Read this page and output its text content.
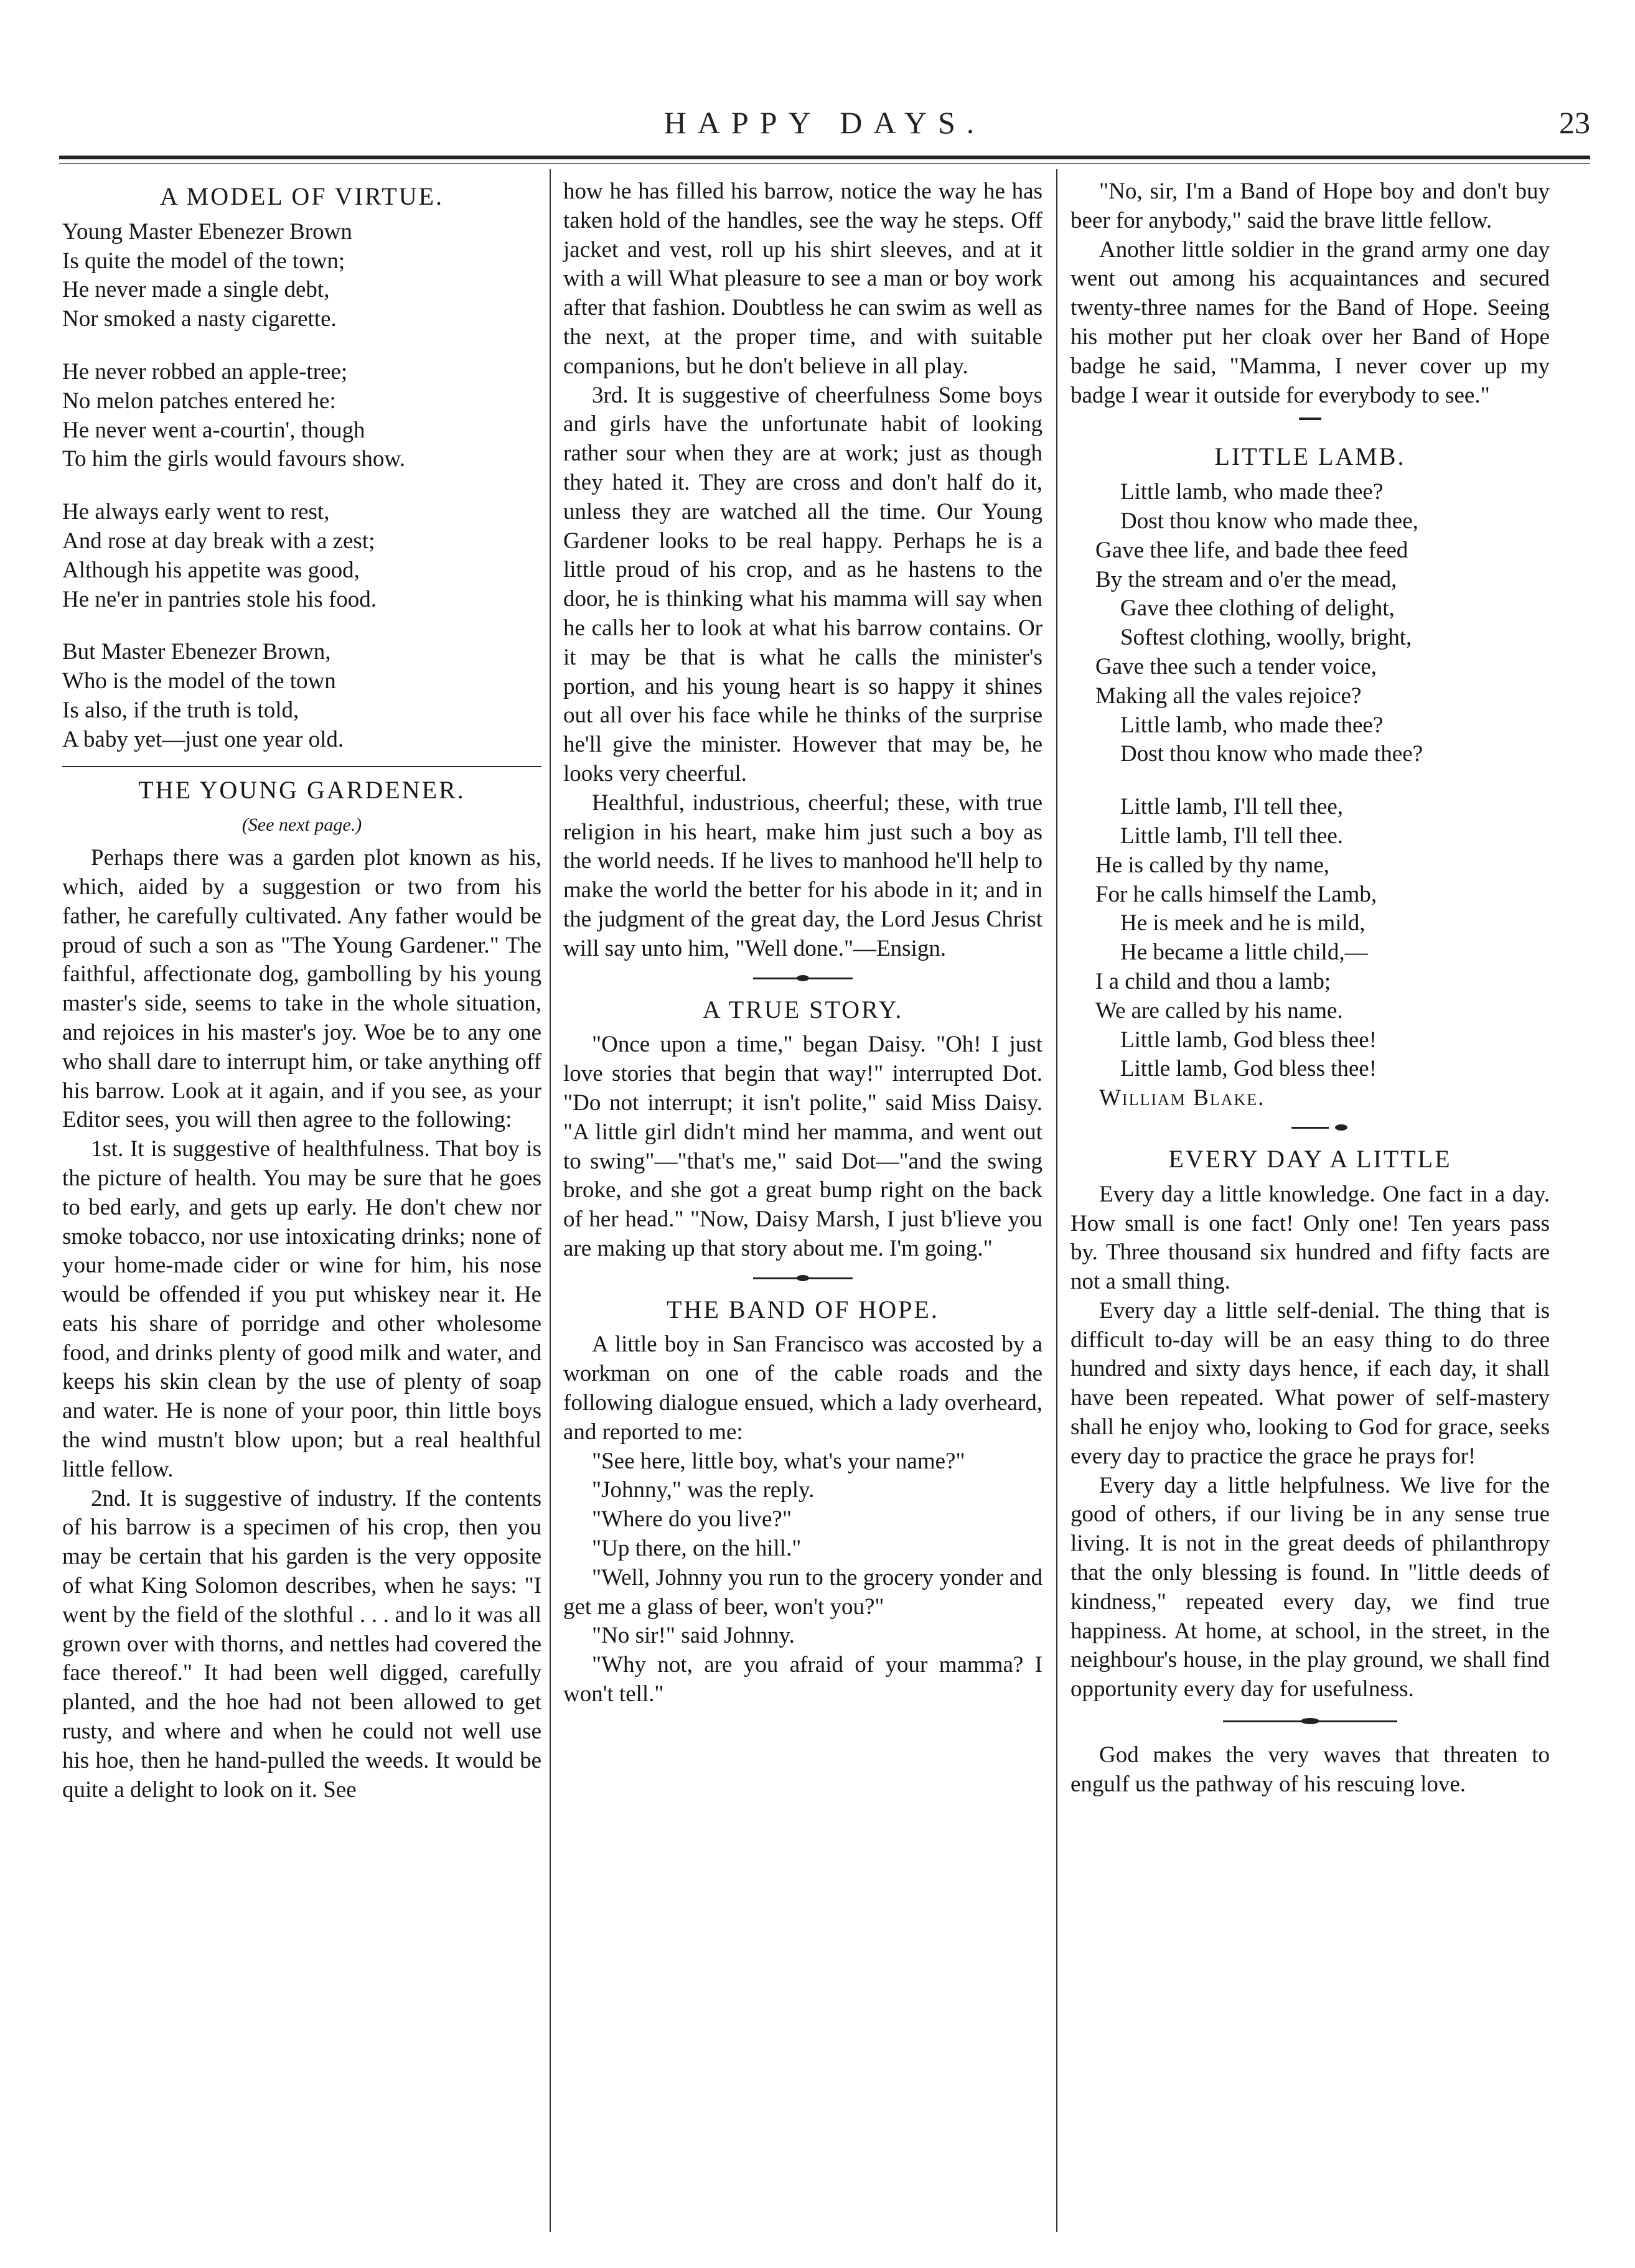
HAPPY DAYS.	23
A MODEL OF VIRTUE.
Young Master Ebenezer Brown
Is quite the model of the town;
He never made a single debt,
Nor smoked a nasty cigarette.
He never robbed an apple-tree;
No melon patches entered he:
He never went a-courtin', though
To him the girls would favours show.
He always early went to rest,
And rose at day break with a zest;
Although his appetite was good,
He ne'er in pantries stole his food.
But Master Ebenezer Brown,
Who is the model of the town
Is also, if the truth is told,
A baby yet—just one year old.
THE YOUNG GARDENER.
(See next page.)

Perhaps there was a garden plot known as his, which, aided by a suggestion or two from his father, he carefully cultivated. Any father would be proud of such a son as "The Young Gardener." The faithful, affectionate dog, gambolling by his young master's side, seems to take in the whole situation, and rejoices in his master's joy. Woe be to any one who shall dare to interrupt him, or take anything off his barrow. Look at it again, and if you see, as your Editor sees, you will then agree to the following:

1st. It is suggestive of healthfulness. That boy is the picture of health. You may be sure that he goes to bed early, and gets up early. He don't chew nor smoke tobacco, nor use intoxicating drinks; none of your home-made cider or wine for him, his nose would be offended if you put whiskey near it. He eats his share of porridge and other wholesome food, and drinks plenty of good milk and water, and keeps his skin clean by the use of plenty of soap and water. He is none of your poor, thin little boys the wind mustn't blow upon; but a real healthful little fellow.

2nd. It is suggestive of industry. If the contents of his barrow is a specimen of his crop, then you may be certain that his garden is the very opposite of what King Solomon describes, when he says: "I went by the field of the slothful . . . and lo it was all grown over with thorns, and nettles had covered the face thereof." It had been well digged, carefully planted, and the hoe had not been allowed to get rusty, and where and when he could not well use his hoe, then he hand-pulled the weeds. It would be quite a delight to look on it. See

how he has filled his barrow, notice the way he has taken hold of the handles, see the way he steps. Off jacket and vest, roll up his shirt sleeves, and at it with a will What pleasure to see a man or boy work after that fashion. Doubtless he can swim as well as the next, at the proper time, and with suitable companions, but he don't believe in all play.

3rd. It is suggestive of cheerfulness Some boys and girls have the unfortunate habit of looking rather sour when they are at work; just as though they hated it. They are cross and don't half do it, unless they are watched all the time. Our Young Gardener looks to be real happy. Perhaps he is a little proud of his crop, and as he hastens to the door, he is thinking what his mamma will say when he calls her to look at what his barrow contains. Or it may be that is what he calls the minister's portion, and his young heart is so happy it shines out all over his face while he thinks of the surprise he'll give the minister. However that may be, he looks very cheerful.

Healthful, industrious, cheerful; these, with true religion in his heart, make him just such a boy as the world needs. If he lives to manhood he'll help to make the world the better for his abode in it; and in the judgment of the great day, the Lord Jesus Christ will say unto him, "Well done."—Ensign.

A TRUE STORY.

"Once upon a time," began Daisy. "Oh! I just love stories that begin that way!" interrupted Dot. "Do not interrupt; it isn't polite," said Miss Daisy. "A little girl didn't mind her mamma, and went out to swing"—"that's me," said Dot—"and the swing broke, and she got a great bump right on the back of her head." "Now, Daisy Marsh, I just b'lieve you are making up that story about me. I'm going."

THE BAND OF HOPE.

A little boy in San Francisco was accosted by a workman on one of the cable roads and the following dialogue ensued, which a lady overheard, and reported to me:

"See here, little boy, what's your name?"

"Johnny," was the reply.

"Where do you live?"

"Up there, on the hill."

"Well, Johnny you run to the grocery yonder and get me a glass of beer, won't you?"

"No sir!" said Johnny.

"Why not, are you afraid of your mamma? I won't tell."

"No, sir, I'm a Band of Hope boy and don't buy beer for anybody," said the brave little fellow.

Another little soldier in the grand army one day went out among his acquaintances and secured twenty-three names for the Band of Hope. Seeing his mother put her cloak over her Band of Hope badge he said, "Mamma, I never cover up my badge I wear it outside for everybody to see."

LITTLE LAMB.
Little lamb, who made thee?
Dost thou know who made thee,
Gave thee life, and bade thee feed
By the stream and o'er the mead,
Gave thee clothing of delight,
Softest clothing, woolly, bright,
Gave thee such a tender voice,
Making all the vales rejoice?
Little lamb, who made thee?
Dost thou know who made thee?
Little lamb, I'll tell thee,
Little lamb, I'll tell thee.
He is called by thy name,
For he calls himself the Lamb,
He is meek and he is mild,
He became a little child,—
I a child and thou a lamb;
We are called by his name.
Little lamb, God bless thee!
Little lamb, God bless thee!

William Blake.

EVERY DAY A LITTLE

Every day a little knowledge. One fact in a day. How small is one fact! Only one! Ten years pass by. Three thousand six hundred and fifty facts are not a small thing.

Every day a little self-denial. The thing that is difficult to-day will be an easy thing to do three hundred and sixty days hence, if each day, it shall have been repeated. What power of self-mastery shall he enjoy who, looking to God for grace, seeks every day to practice the grace he prays for!

Every day a little helpfulness. We live for the good of others, if our living be in any sense true living. It is not in the great deeds of philanthropy that the only blessing is found. In "little deeds of kindness," repeated every day, we find true happiness. At home, at school, in the street, in the neighbour's house, in the play ground, we shall find opportunity every day for usefulness.

God makes the very waves that threaten to engulf us the pathway of his rescuing love.
